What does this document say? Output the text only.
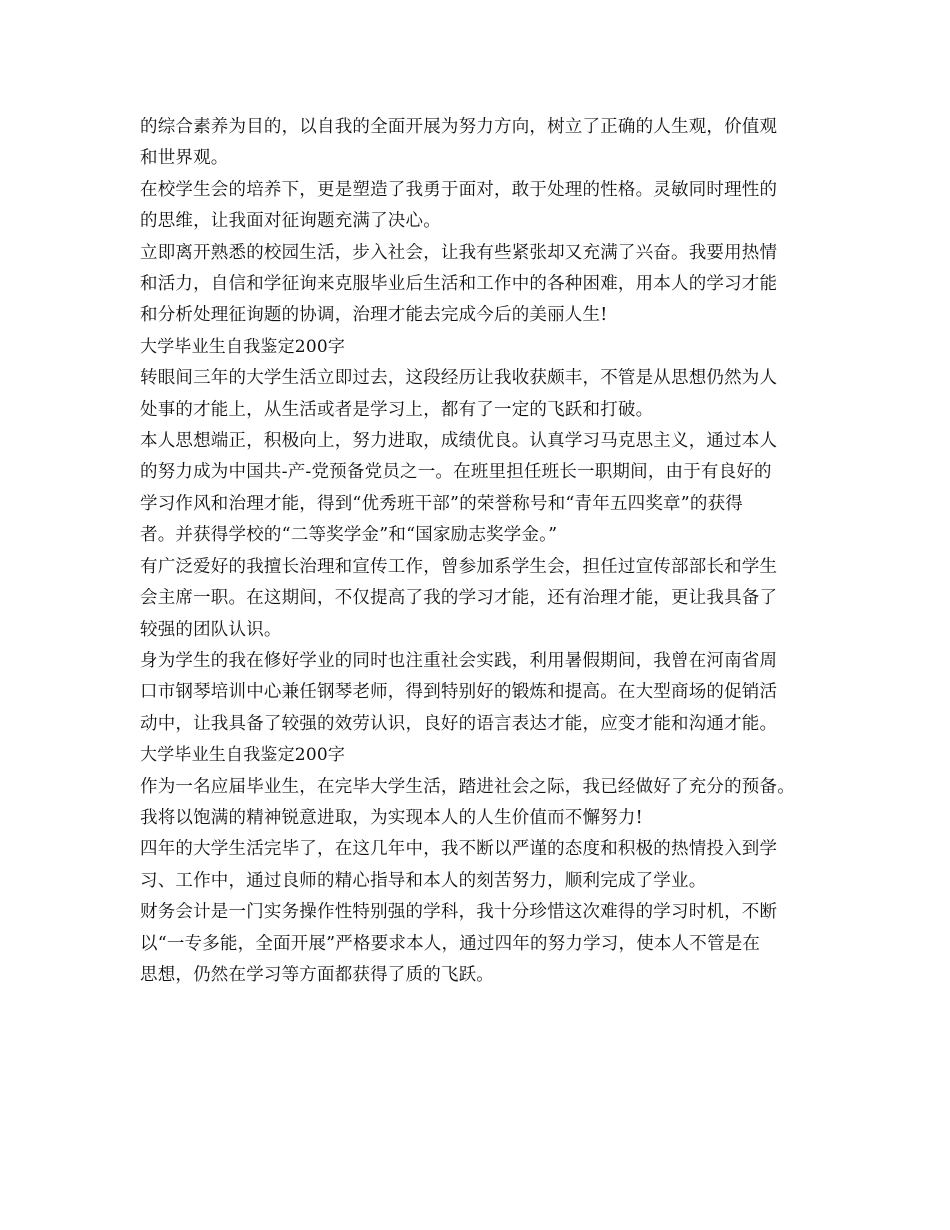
的综合素养为目的，以自我的全面开展为努力方向，树立了正确的人生观，价值观

和世界观。

在校学生会的培养下，更是塑造了我勇于面对，敢于处理的性格。灵敏同时理性的

的思维，让我面对征询题充满了决心。

立即离开熟悉的校园生活，步入社会，让我有些紧张却又充满了兴奋。我要用热情

和活力，自信和学征询来克服毕业后生活和工作中的各种困难，用本人的学习才能

和分析处理征询题的协调，治理才能去完成今后的美丽人生!

大学毕业生自我鉴定200字

转眼间三年的大学生活立即过去，这段经历让我收获颇丰，不管是从思想仍然为人

处事的才能上，从生活或者是学习上，都有了一定的飞跃和打破。

本人思想端正，积极向上，努力进取，成绩优良。认真学习马克思主义，通过本人

的努力成为中国共-产-党预备党员之一。在班里担任班长一职期间，由于有良好的

学习作风和治理才能，得到“优秀班干部”的荣誉称号和“青年五四奖章”的获得

者。并获得学校的“二等奖学金”和“国家励志奖学金。”

有广泛爱好的我擅长治理和宣传工作，曾参加系学生会，担任过宣传部部长和学生

会主席一职。在这期间，不仅提高了我的学习才能，还有治理才能，更让我具备了

较强的团队认识。

身为学生的我在修好学业的同时也注重社会实践，利用暑假期间，我曾在河南省周

口市钢琴培训中心兼任钢琴老师，得到特别好的锻炼和提高。在大型商场的促销活

动中，让我具备了较强的效劳认识，良好的语言表达才能，应变才能和沟通才能。

大学毕业生自我鉴定200字

作为一名应届毕业生，在完毕大学生活，踏进社会之际，我已经做好了充分的预备。

我将以饱满的精神锐意进取，为实现本人的人生价值而不懈努力!

四年的大学生活完毕了，在这几年中，我不断以严谨的态度和积极的热情投入到学

习、工作中，通过良师的精心指导和本人的刻苦努力，顺利完成了学业。

财务会计是一门实务操作性特别强的学科，我十分珍惜这次难得的学习时机，不断

以“一专多能，全面开展”严格要求本人，通过四年的努力学习，使本人不管是在

思想，仍然在学习等方面都获得了质的飞跃。
